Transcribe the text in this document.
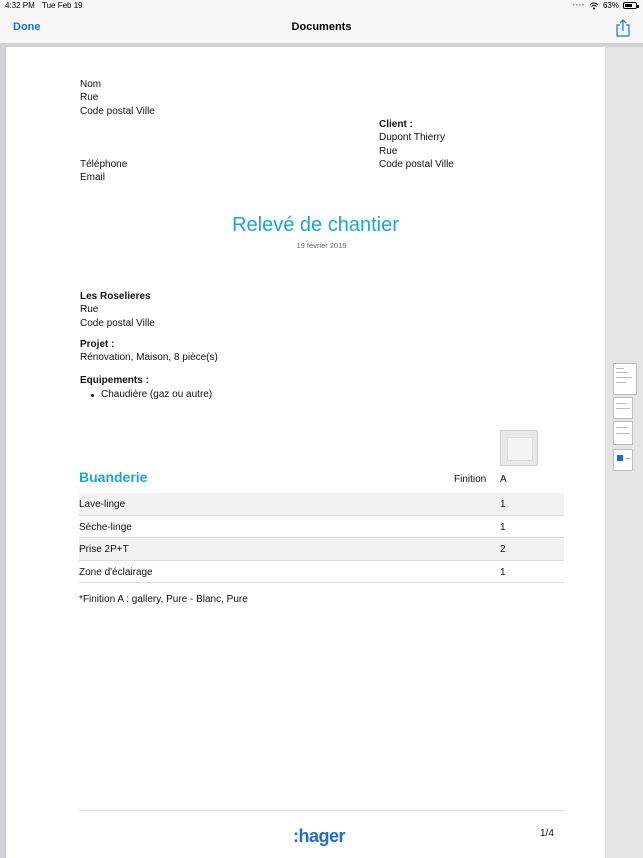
4:32 PM Tue Feb 19	•••• 63%
Done	Documents
Nom
Rue
Code postal Ville
Téléphone
Email
Client :
Dupont Thierry
Rue
Code postal Ville
Relevé de chantier
19 février 2019
Les Roselieres
Rue
Code postal Ville
Projet :
Rénovation, Maison, 8 pièce(s)
Equipements :
Chaudière (gaz ou autre)
Buanderie	Finition A
Lave-linge	1
Sèche-linge	1
Prise 2P+T	2
Zone d'éclairage	1
*Finition A : gallery, Pure - Blanc, Pure
:hager	1/4
